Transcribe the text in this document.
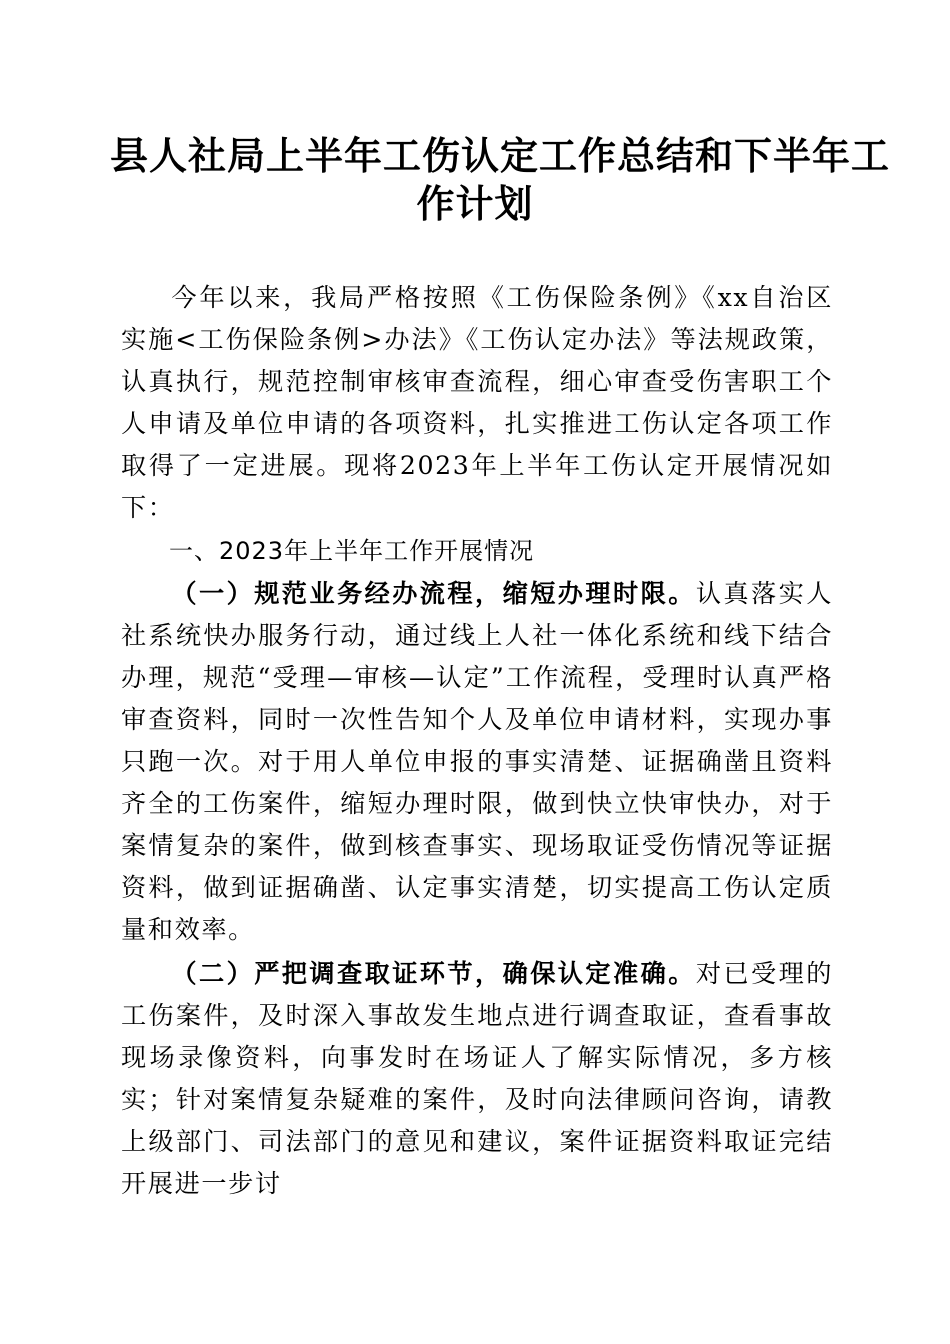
县人社局上半年工伤认定工作总结和下半年工
作计划

今年以来，我局严格按照《工伤保险条例》《xx自治区实施<工伤保险条例>办法》《工伤认定办法》等法规政策，认真执行，规范控制审核审查流程，细心审查受伤害职工个人申请及单位申请的各项资料，扎实推进工伤认定各项工作取得了一定进展。现将2023年上半年工伤认定开展情况如下：

一、2023年上半年工作开展情况

（一）规范业务经办流程，缩短办理时限。认真落实人社系统快办服务行动，通过线上人社一体化系统和线下结合办理，规范“受理—审核—认定”工作流程，受理时认真严格审查资料，同时一次性告知个人及单位申请材料，实现办事只跑一次。对于用人单位申报的事实清楚、证据确凿且资料齐全的工伤案件，缩短办理时限，做到快立快审快办，对于案情复杂的案件，做到核查事实、现场取证受伤情况等证据资料，做到证据确凿、认定事实清楚，切实提高工伤认定质量和效率。

（二）严把调查取证环节，确保认定准确。对已受理的工伤案件，及时深入事故发生地点进行调查取证，查看事故现场录像资料，向事发时在场证人了解实际情况，多方核实；针对案情复杂疑难的案件，及时向法律顾问咨询，请教上级部门、司法部门的意见和建议，案件证据资料取证完结开展进一步讨
